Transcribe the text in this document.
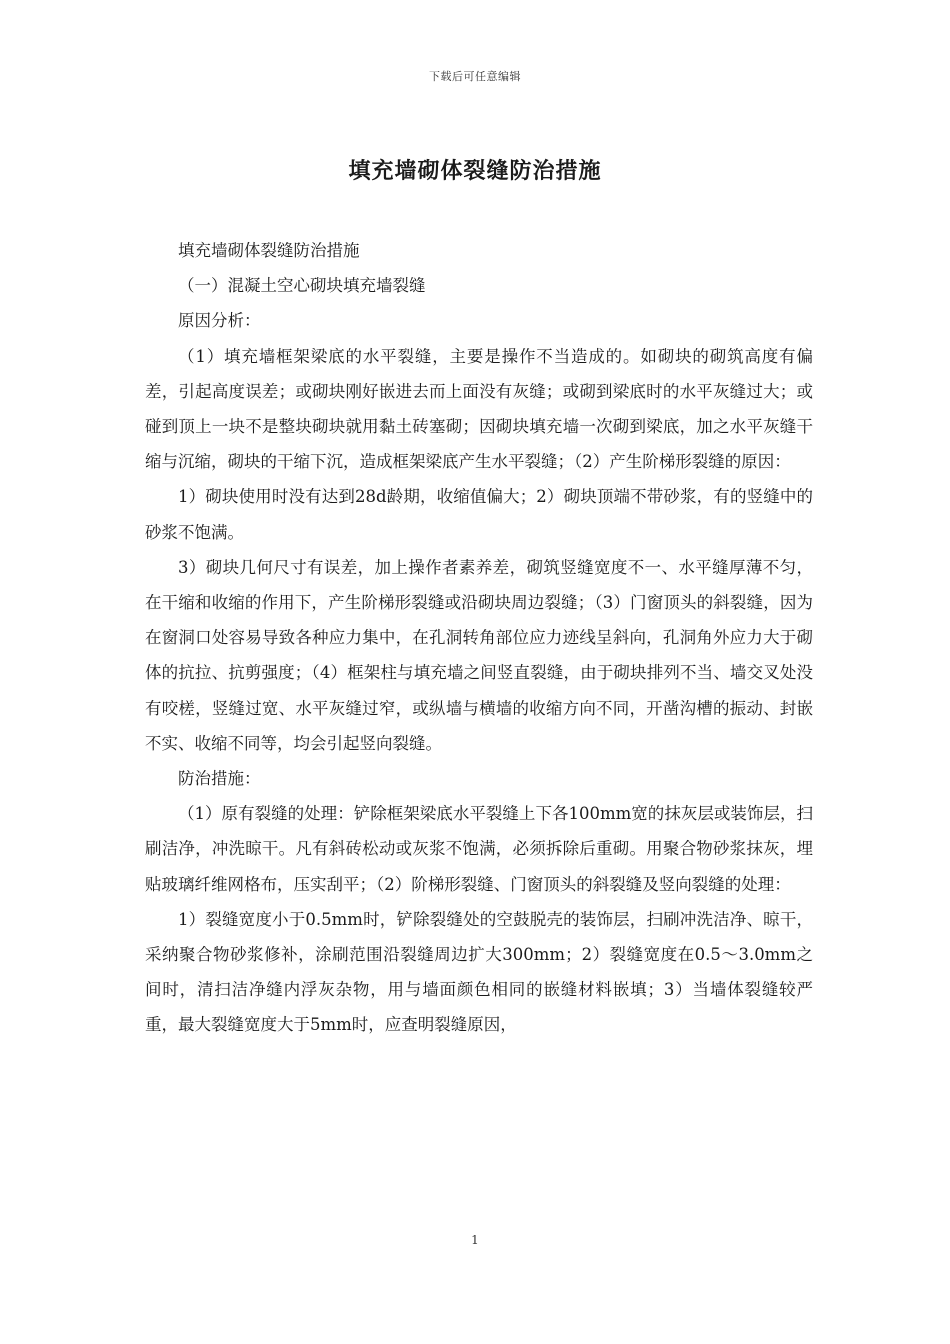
下载后可任意编辑
填充墙砌体裂缝防治措施

填充墙砌体裂缝防治措施

（一）混凝土空心砌块填充墙裂缝

原因分析：

（1）填充墙框架梁底的水平裂缝，主要是操作不当造成的。如砌块的砌筑高度有偏差，引起高度误差；或砌块刚好嵌进去而上面没有灰缝；或砌到梁底时的水平灰缝过大；或碰到顶上一块不是整块砌块就用黏土砖塞砌；因砌块填充墙一次砌到梁底，加之水平灰缝干缩与沉缩，砌块的干缩下沉，造成框架梁底产生水平裂缝；（2）产生阶梯形裂缝的原因：

1）砌块使用时没有达到28d龄期，收缩值偏大；2）砌块顶端不带砂浆，有的竖缝中的砂浆不饱满。

3）砌块几何尺寸有误差，加上操作者素养差，砌筑竖缝宽度不一、水平缝厚薄不匀，在干缩和收缩的作用下，产生阶梯形裂缝或沿砌块周边裂缝；（3）门窗顶头的斜裂缝，因为在窗洞口处容易导致各种应力集中，在孔洞转角部位应力迹线呈斜向，孔洞角外应力大于砌体的抗拉、抗剪强度；（4）框架柱与填充墙之间竖直裂缝，由于砌块排列不当、墙交叉处没有咬槎，竖缝过宽、水平灰缝过窄，或纵墙与横墙的收缩方向不同，开凿沟槽的振动、封嵌不实、收缩不同等，均会引起竖向裂缝。

防治措施：

（1）原有裂缝的处理：铲除框架梁底水平裂缝上下各100mm宽的抹灰层或装饰层，扫刷洁净，冲洗晾干。凡有斜砖松动或灰浆不饱满，必须拆除后重砌。用聚合物砂浆抹灰，埋贴玻璃纤维网格布，压实刮平；（2）阶梯形裂缝、门窗顶头的斜裂缝及竖向裂缝的处理：

1）裂缝宽度小于0.5mm时，铲除裂缝处的空鼓脱壳的装饰层，扫刷冲洗洁净、晾干，采纳聚合物砂浆修补，涂刷范围沿裂缝周边扩大300mm；2）裂缝宽度在0.5～3.0mm之间时，清扫洁净缝内浮灰杂物，用与墙面颜色相同的嵌缝材料嵌填；3）当墙体裂缝较严重，最大裂缝宽度大于5mm时，应查明裂缝原因，

1
